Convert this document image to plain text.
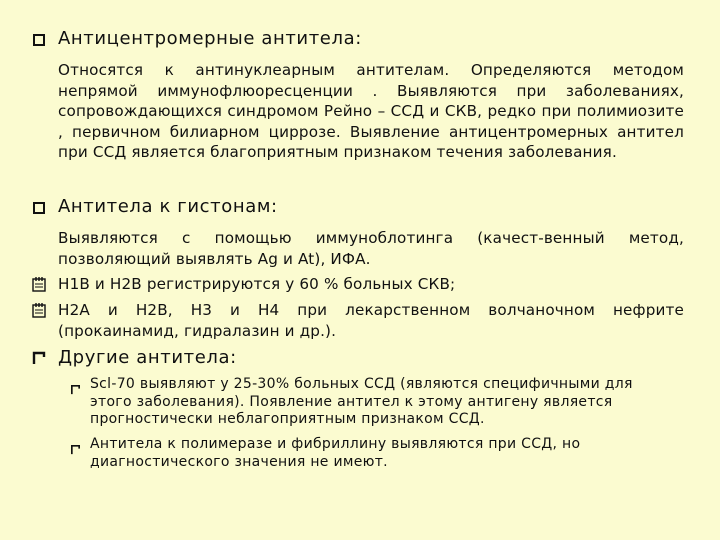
Антицентромерные антитела:
Относятся к антинуклеарным антителам. Определяются методом непрямой иммунофлюоресценции . Выявляются при заболеваниях, сопровождающихся синдромом Рейно – ССД и СКВ, редко при полимиозите , первичном билиарном циррозе. Выявление антицентромерных антител при ССД является благоприятным признаком течения заболевания.
Антитела к гистонам:
Выявляются с помощью иммуноблотинга (качест-венный метод, позволяющий выявлять Ag и At), ИФА.
H1B и H2B регистрируются у 60 % больных СКВ;
H2A и H2B, H3 и H4 при лекарственном волчаночном нефрите (прокаинамид, гидралазин и др.).
Другие антитела:
Scl-70 выявляют у 25-30% больных ССД (являются специфичными для этого заболевания). Появление антител к этому антигену является прогностически неблагоприятным признаком ССД.
Антитела к полимеразе и фибриллину выявляются при ССД, но диагностического значения не имеют.
